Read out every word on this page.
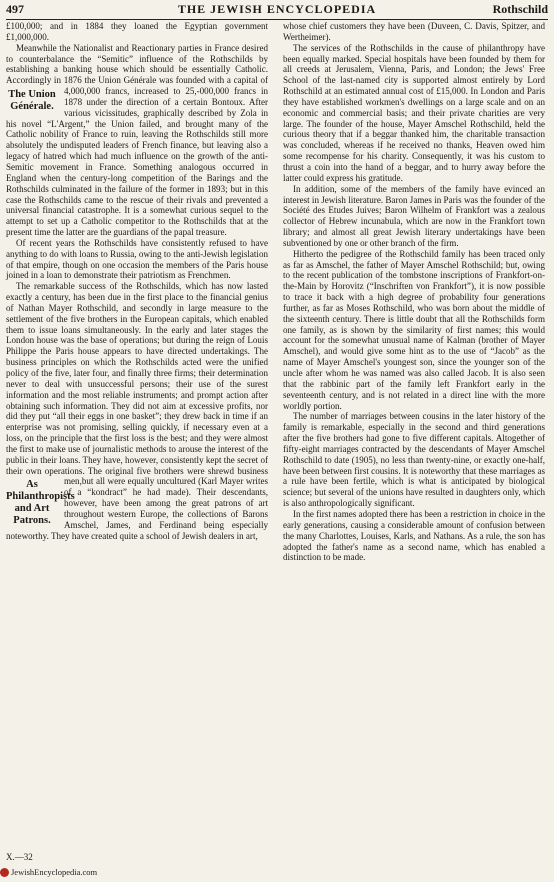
497	THE JEWISH ENCYCLOPEDIA	Rothschild

£100,000; and in 1884 they loaned the Egyptian government £1,000,000.

Meanwhile the Nationalist and Reactionary parties in France desired to counterbalance the “Semitic” influence of the Rothschilds by establishing a banking house which should be essentially Catholic. Accordingly in 1876 the Union Générale was founded with a capital of 4,000,000 francs, increased to 25,-
The Union Générale.
000,000 francs in 1878 under the direction of a certain Bontoux. After various vicissitudes, graphically described by Zola in his novel “L'Argent,” the Union failed, and brought many of the Catholic nobility of France to ruin, leaving the Rothschilds still more absolutely the undisputed leaders of French finance, but leaving also a legacy of hatred which had much influence on the growth of the anti-Semitic movement in France. Something analogous occurred in England when the century-long competition of the Barings and the Rothschilds culminated in the failure of the former in 1893; but in this case the Rothschilds came to the rescue of their rivals and prevented a universal financial catastrophe. It is a somewhat curious sequel to the attempt to set up a Catholic competitor to the Rothschilds that at the present time the latter are the guardians of the papal treasure.

Of recent years the Rothschilds have consistently refused to have anything to do with loans to Russia, owing to the anti-Jewish legislation of that empire, though on one occasion the members of the Paris house joined in a loan to demonstrate their patriotism as Frenchmen.

The remarkable success of the Rothschilds, which has now lasted exactly a century, has been due in the first place to the financial genius of Nathan Mayer Rothschild, and secondly in large measure to the settlement of the five brothers in the European capitals, which enabled them to issue loans simultaneously. In the early and later stages the London house was the base of operations; but during the reign of Louis Philippe the Paris house appears to have directed undertakings. The business principles on which the Rothschilds acted were the unified policy of the five, later four, and finally three firms; their determination never to deal with unsuccessful persons; their use of the surest information and the most reliable instruments; and prompt action after obtaining such information. They did not aim at excessive profits, nor did they put “all their eggs in one basket”; they drew back in time if an enterprise was not promising, selling quickly, if necessary even at a loss, on the principle that the first loss is the best; and they were almost the first to make use of journalistic methods to arouse the interest of the public in their loans. They have, however, consistently kept the secret of their own operations. The original five brothers were shrewd business men,
As Philanthropists and Art Patrons.
but all were equally uncultured (Karl Mayer writes of a “kondract” he had made). Their descendants, however, have been among the great patrons of art throughout western Europe, the collections of Barons Amschel, James, and Ferdinand being especially noteworthy. They have created quite a school of Jewish dealers in art,

whose chief customers they have been (Duveen, C. Davis, Spitzer, and Wertheimer).

The services of the Rothschilds in the cause of philanthropy have been equally marked. Special hospitals have been founded by them for all creeds at Jerusalem, Vienna, Paris, and London; the Jews' Free School of the last-named city is supported almost entirely by Lord Rothschild at an estimated annual cost of £15,000. In London and Paris they have established workmen's dwellings on a large scale and on an economic and commercial basis; and their private charities are very large. The founder of the house, Mayer Amschel Rothschild, held the curious theory that if a beggar thanked him, the charitable transaction was concluded, whereas if he received no thanks, Heaven owed him some recompense for his charity. Consequently, it was his custom to thrust a coin into the hand of a beggar, and to hurry away before the latter could express his gratitude.

In addition, some of the members of the family have evinced an interest in Jewish literature. Baron James in Paris was the founder of the Société des Etudes Juives; Baron Wilhelm of Frankfort was a zealous collector of Hebrew incunabula, which are now in the Frankfort town library; and almost all great Jewish literary undertakings have been subventioned by one or other branch of the firm.

Hitherto the pedigree of the Rothschild family has been traced only as far as Amschel, the father of Mayer Amschel Rothschild; but, owing to the recent publication of the tombstone inscriptions of Frankfort-on-the-Main by Horovitz (“Inschriften von Frankfort”), it is now possible to trace it back with a high degree of probability four generations further, as far as Moses Rothschild, who was born about the middle of the sixteenth century. There is little doubt that all the Rothschilds form one family, as is shown by the similarity of first names; this would account for the somewhat unusual name of Kalman (brother of Mayer Amschel), and would give some hint as to the use of “Jacob” as the name of Mayer Amschel's youngest son, since the younger son of the uncle after whom he was named was also called Jacob. It is also seen that the rabbinic part of the family left Frankfort early in the seventeenth century, and is not related in a direct line with the more worldly portion.

The number of marriages between cousins in the later history of the family is remarkable, especially in the second and third generations after the five brothers had gone to five different capitals. Altogether of fifty-eight marriages contracted by the descendants of Mayer Amschel Rothschild to date (1905), no less than twenty-nine, or exactly one-half, have been between first cousins. It is noteworthy that these marriages as a rule have been fertile, which is what is anticipated by biological science; but several of the unions have resulted in daughters only, which is also anthropologically significant.

In the first names adopted there has been a restriction in choice in the early generations, causing a considerable amount of confusion between the many Charlottes, Louises, Karls, and Nathans. As a rule, the son has adopted the father's name as a second name, which has enabled a distinction to be made.

X.—32
JewishEncyclopedia.com
